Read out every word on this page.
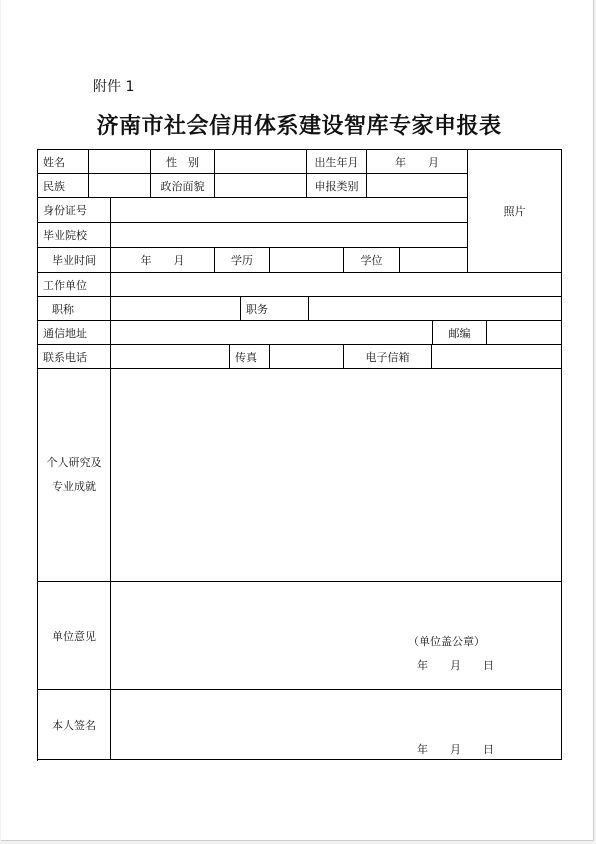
附件 1
济南市社会信用体系建设智库专家申报表
姓名	性　别	出生年月	年　　月
照片
民族	政治面貌	申报类别
身份证号
毕业院校
毕业时间	年　　月	学历	学位
工作单位
职称	职务
通信地址	邮编
联系电话	传真	电子信箱
个人研究及
专业成就
单位意见	（单位盖公章）
年　　月　　日
本人签名
年　　月　　日
